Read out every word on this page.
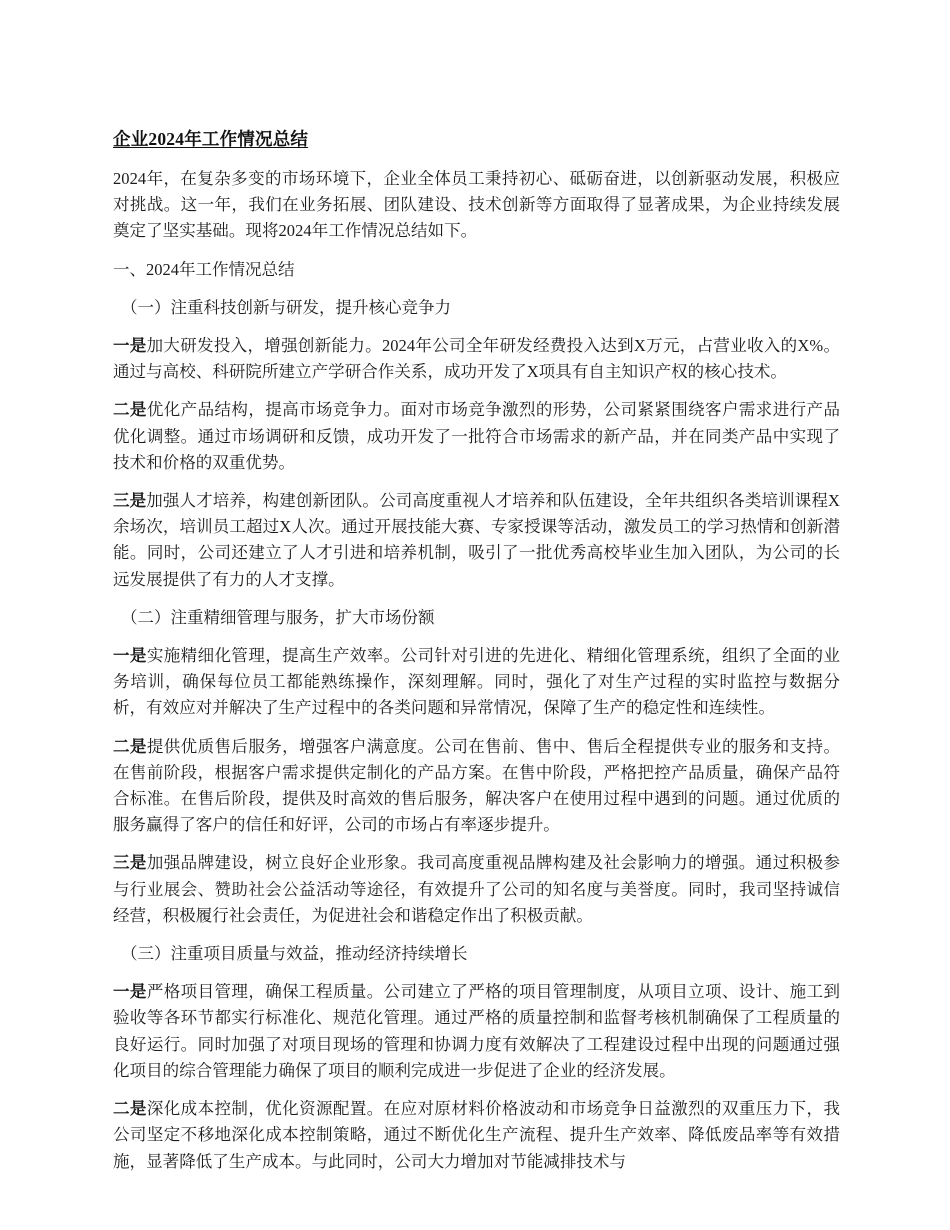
企业2024年工作情况总结

2024年，在复杂多变的市场环境下，企业全体员工秉持初心、砥砺奋进，以创新驱动发展，积极应对挑战。这一年，我们在业务拓展、团队建设、技术创新等方面取得了显著成果，为企业持续发展奠定了坚实基础。现将2024年工作情况总结如下。

一、2024年工作情况总结

（一）注重科技创新与研发，提升核心竞争力

一是加大研发投入，增强创新能力。2024年公司全年研发经费投入达到X万元，占营业收入的X%。通过与高校、科研院所建立产学研合作关系，成功开发了X项具有自主知识产权的核心技术。

二是优化产品结构，提高市场竞争力。面对市场竞争激烈的形势，公司紧紧围绕客户需求进行产品优化调整。通过市场调研和反馈，成功开发了一批符合市场需求的新产品，并在同类产品中实现了技术和价格的双重优势。

三是加强人才培养，构建创新团队。公司高度重视人才培养和队伍建设，全年共组织各类培训课程X余场次，培训员工超过X人次。通过开展技能大赛、专家授课等活动，激发员工的学习热情和创新潜能。同时，公司还建立了人才引进和培养机制，吸引了一批优秀高校毕业生加入团队，为公司的长远发展提供了有力的人才支撑。

（二）注重精细管理与服务，扩大市场份额

一是实施精细化管理，提高生产效率。公司针对引进的先进化、精细化管理系统，组织了全面的业务培训，确保每位员工都能熟练操作，深刻理解。同时，强化了对生产过程的实时监控与数据分析，有效应对并解决了生产过程中的各类问题和异常情况，保障了生产的稳定性和连续性。

二是提供优质售后服务，增强客户满意度。公司在售前、售中、售后全程提供专业的服务和支持。在售前阶段，根据客户需求提供定制化的产品方案。在售中阶段，严格把控产品质量，确保产品符合标准。在售后阶段，提供及时高效的售后服务，解决客户在使用过程中遇到的问题。通过优质的服务赢得了客户的信任和好评，公司的市场占有率逐步提升。

三是加强品牌建设，树立良好企业形象。我司高度重视品牌构建及社会影响力的增强。通过积极参与行业展会、赞助社会公益活动等途径，有效提升了公司的知名度与美誉度。同时，我司坚持诚信经营，积极履行社会责任，为促进社会和谐稳定作出了积极贡献。

（三）注重项目质量与效益，推动经济持续增长

一是严格项目管理，确保工程质量。公司建立了严格的项目管理制度，从项目立项、设计、施工到验收等各环节都实行标准化、规范化管理。通过严格的质量控制和监督考核机制确保了工程质量的良好运行。同时加强了对项目现场的管理和协调力度有效解决了工程建设过程中出现的问题通过强化项目的综合管理能力确保了项目的顺利完成进一步促进了企业的经济发展。

二是深化成本控制，优化资源配置。在应对原材料价格波动和市场竞争日益激烈的双重压力下，我公司坚定不移地深化成本控制策略，通过不断优化生产流程、提升生产效率、降低废品率等有效措施，显著降低了生产成本。与此同时，公司大力增加对节能减排技术与
